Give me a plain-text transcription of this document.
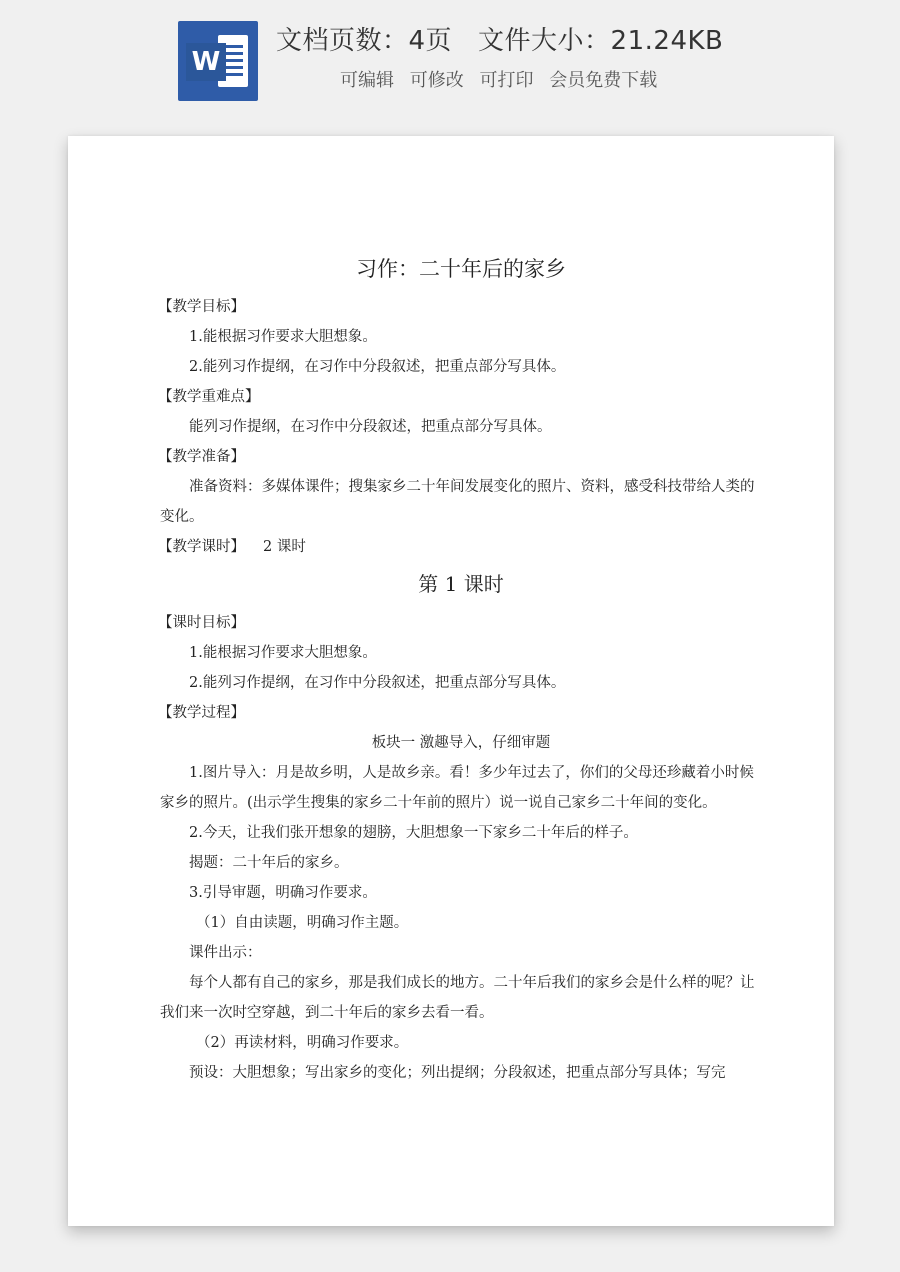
W
文档页数：4页 文件大小：21.24KB
可编辑 可修改 可打印 会员免费下载
习作：二十年后的家乡

【教学目标】

1.能根据习作要求大胆想象。

2.能列习作提纲，在习作中分段叙述，把重点部分写具体。

【教学重难点】

能列习作提纲，在习作中分段叙述，把重点部分写具体。

【教学准备】

准备资料：多媒体课件；搜集家乡二十年间发展变化的照片、资料，感受科技带给人类的变化。

【教学课时】 2 课时

第 1 课时

【课时目标】

1.能根据习作要求大胆想象。

2.能列习作提纲，在习作中分段叙述，把重点部分写具体。

【教学过程】

板块一 激趣导入，仔细审题

1.图片导入：月是故乡明，人是故乡亲。看！多少年过去了，你们的父母还珍藏着小时候家乡的照片。(出示学生搜集的家乡二十年前的照片）说一说自己家乡二十年间的变化。

2.今天，让我们张开想象的翅膀，大胆想象一下家乡二十年后的样子。

揭题：二十年后的家乡。

3.引导审题，明确习作要求。

（1）自由读题，明确习作主题。

课件出示：

每个人都有自己的家乡，那是我们成长的地方。二十年后我们的家乡会是什么样的呢？让我们来一次时空穿越，到二十年后的家乡去看一看。

（2）再读材料，明确习作要求。

预设：大胆想象；写出家乡的变化；列出提纲；分段叙述，把重点部分写具体；写完
